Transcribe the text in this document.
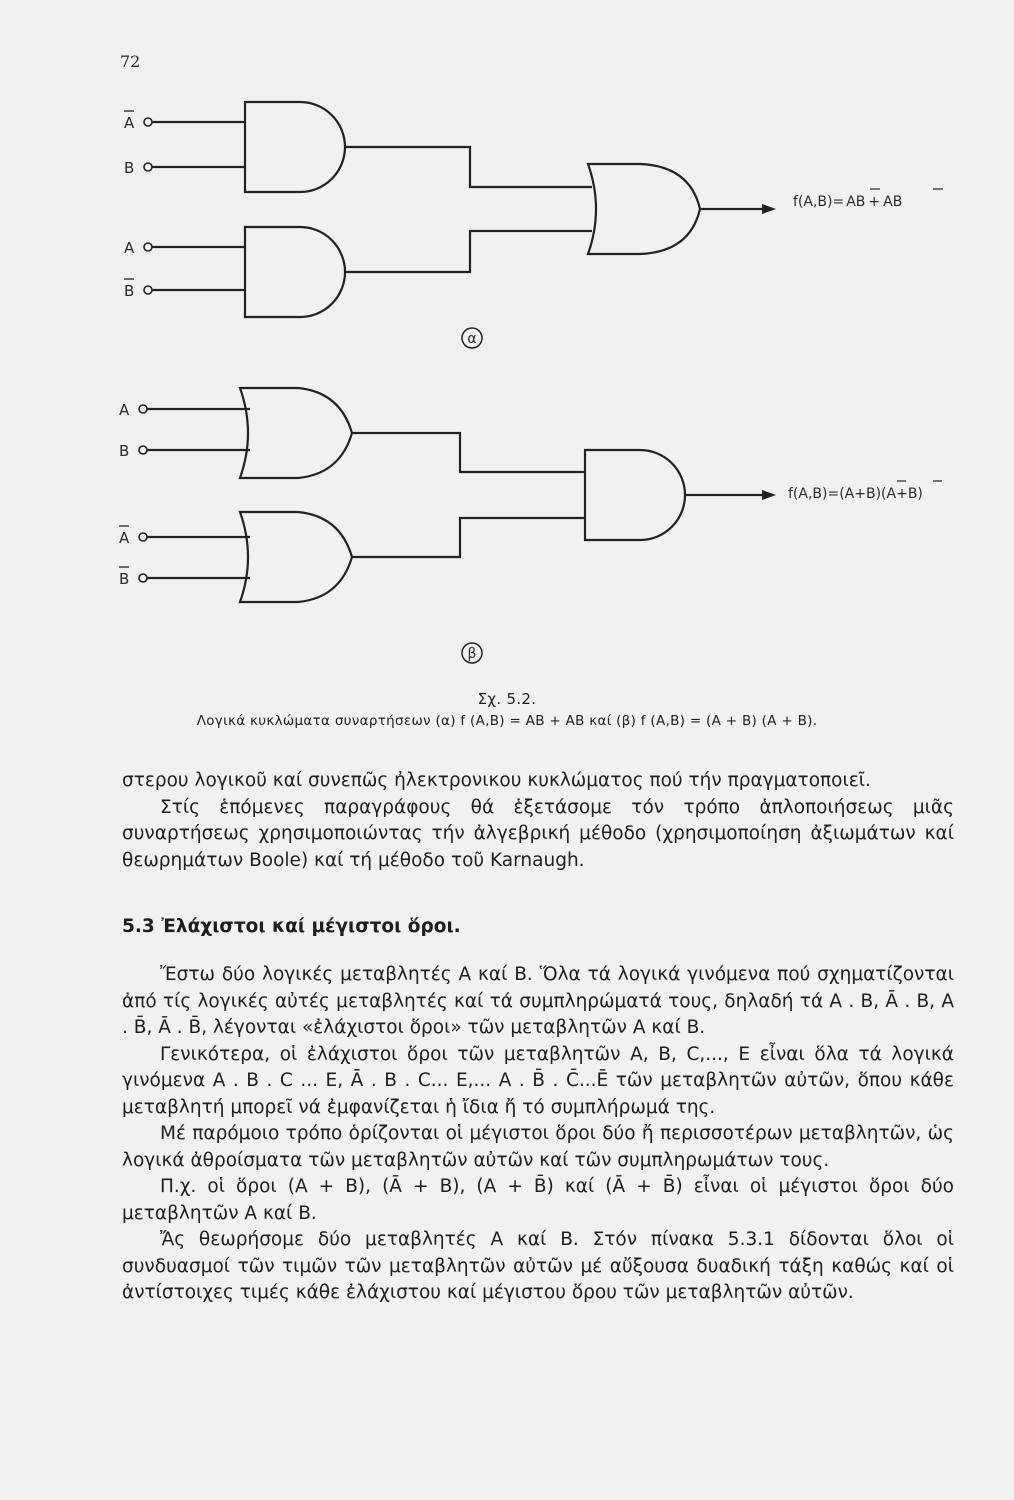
72
A
B
A
B
f(A,B)= AB + AB
α
A
B
A
B
f(A,B)=(A+B)(A+B)
β
Σχ. 5.2.
Λογικά κυκλώματα συναρτήσεων (α) f (A,B) = AB + AB καί (β) f (A,B) = (A + B) (A + B).

στερου λογικοῦ καί συνεπῶς ἠλεκτρονικου κυκλώματος πού τήν πραγματοποιεῖ.

Στίς ἑπόμενες παραγράφους θά ἑξετάσομε τόν τρόπο ἁπλοποιήσεως μιᾶς συναρτήσεως χρησιμοποιώντας τήν ἀλγεβρική μέθοδο (χρησιμοποίηση ἀξιωμάτων καί θεωρημάτων Boole) καί τή μέθοδο τοῦ Karnaugh.

5.3 Ἐλάχιστοι καί μέγιστοι ὅροι.

Ἔστω δύο λογικές μεταβλητές Α καί Β. Ὅλα τά λογικά γινόμενα πού σχηματίζονται ἀπό τίς λογικές αὐτές μεταβλητές καί τά συμπληρώματά τους, δηλαδή τά Α . Β, Ā . Β, Α . B̄, Ā . B̄, λέγονται «ἐλάχιστοι ὅροι» τῶν μεταβλητῶν Α καί Β.

Γενικότερα, οἱ ἐλάχιστοι ὅροι τῶν μεταβλητῶν Α, Β, C,..., Ε εἶναι ὅλα τά λογικά γινόμενα Α . Β . C ... Ε, Ā . Β . C... Ε,... Α . B̄ . C̄...Ē τῶν μεταβλητῶν αὐτῶν, ὅπου κάθε μεταβλητή μπορεῖ νά ἐμφανίζεται ἡ ἴδια ἤ τό συμπλήρωμά της.

Μέ παρόμοιο τρόπο ὁρίζονται οἱ μέγιστοι ὅροι δύο ἤ περισσοτέρων μεταβλητῶν, ὡς λογικά ἀθροίσματα τῶν μεταβλητῶν αὐτῶν καί τῶν συμπληρωμάτων τους.

Π.χ. οἱ ὅροι (Α + Β), (Ā + Β), (Α + B̄) καί (Ā + B̄) εἶναι οἱ μέγιστοι ὅροι δύο μεταβλητῶν Α καί Β.

Ἄς θεωρήσομε δύο μεταβλητές Α καί Β. Στόν πίνακα 5.3.1 δίδονται ὅλοι οἱ συνδυασμοί τῶν τιμῶν τῶν μεταβλητῶν αὐτῶν μέ αὔξουσα δυαδική τάξη καθώς καί οἱ ἀντίστοιχες τιμές κάθε ἐλάχιστου καί μέγιστου ὅρου τῶν μεταβλητῶν αὐτῶν.
